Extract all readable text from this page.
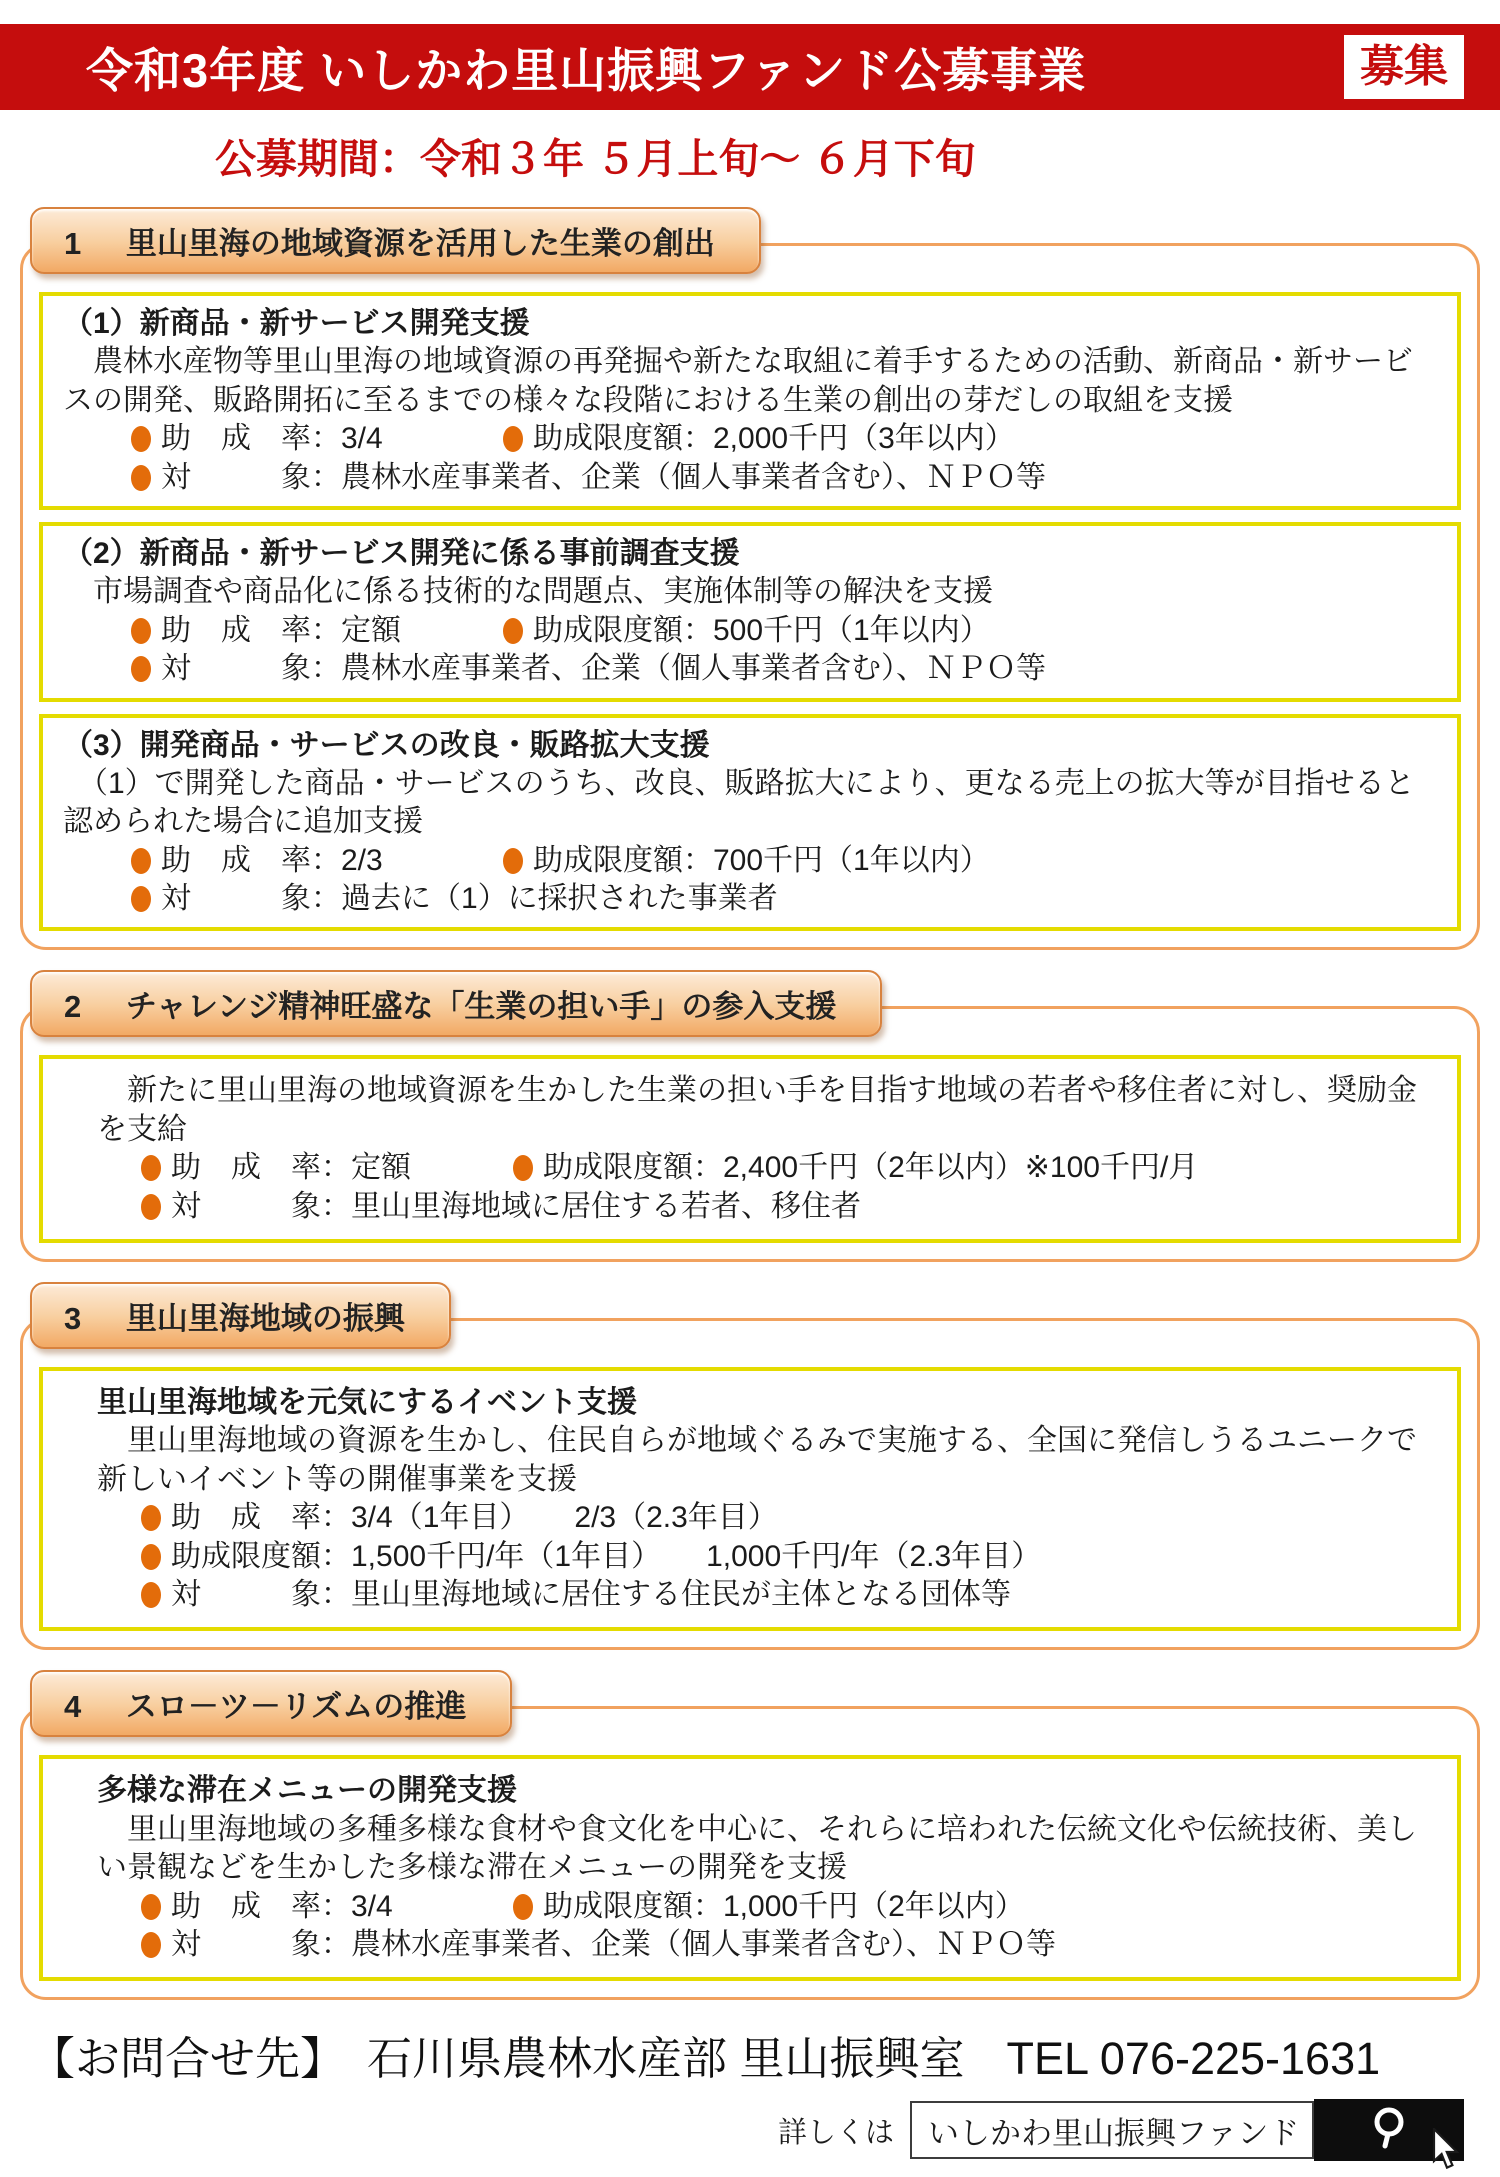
令和3年度 いしかわ里山振興ファンド公募事業	募集
公募期間：令和３年 ５月上旬～ ６月下旬
1 里山里海の地域資源を活用した生業の創出
（1）新商品・新サービス開発支援

　農林水産物等里山里海の地域資源の再発掘や新たな取組に着手するための活動、新商品・新サービスの開発、販路開拓に至るまでの様々な段階における生業の創出の芽だしの取組を支援

助　成　率：3/4	助成限度額：2,000千円（3年以内）
対　　　象：農林水産事業者、企業（個人事業者含む）、ＮＰＯ等
（2）新商品・新サービス開発に係る事前調査支援

　市場調査や商品化に係る技術的な問題点、実施体制等の解決を支援

助　成　率：定額	助成限度額：500千円（1年以内）
対　　　象：農林水産事業者、企業（個人事業者含む）、ＮＰＯ等
（3）開発商品・サービスの改良・販路拡大支援

　（1）で開発した商品・サービスのうち、改良、販路拡大により、更なる売上の拡大等が目指せると認められた場合に追加支援

助　成　率：2/3	助成限度額：700千円（1年以内）
対　　　象：過去に（1）に採択された事業者
2 チャレンジ精神旺盛な「生業の担い手」の参入支援

　新たに里山里海の地域資源を生かした生業の担い手を目指す地域の若者や移住者に対し、奨励金を支給

助　成　率：定額	助成限度額：2,400千円（2年以内）※100千円/月
対　　　象：里山里海地域に居住する若者、移住者
3 里山里海地域の振興
里山里海地域を元気にするイベント支援

　里山里海地域の資源を生かし、住民自らが地域ぐるみで実施する、全国に発信しうるユニークで新しいイベント等の開催事業を支援

助　成　率：3/4（1年目）　　2/3（2.3年目）
助成限度額：1,500千円/年（1年目）　　1,000千円/年（2.3年目）
対　　　象：里山里海地域に居住する住民が主体となる団体等
4 スロ－ツ－リズムの推進
多様な滞在メニューの開発支援

　里山里海地域の多種多様な食材や食文化を中心に、それらに培われた伝統文化や伝統技術、美しい景観などを生かした多様な滞在メニューの開発を支援

助　成　率：3/4	助成限度額：1,000千円（2年以内）
対　　　象：農林水産事業者、企業（個人事業者含む）、ＮＰＯ等
【お問合せ先】 石川県農林水産部 里山振興室 TEL 076-225-1631
詳しくは いしかわ里山振興ファンド
